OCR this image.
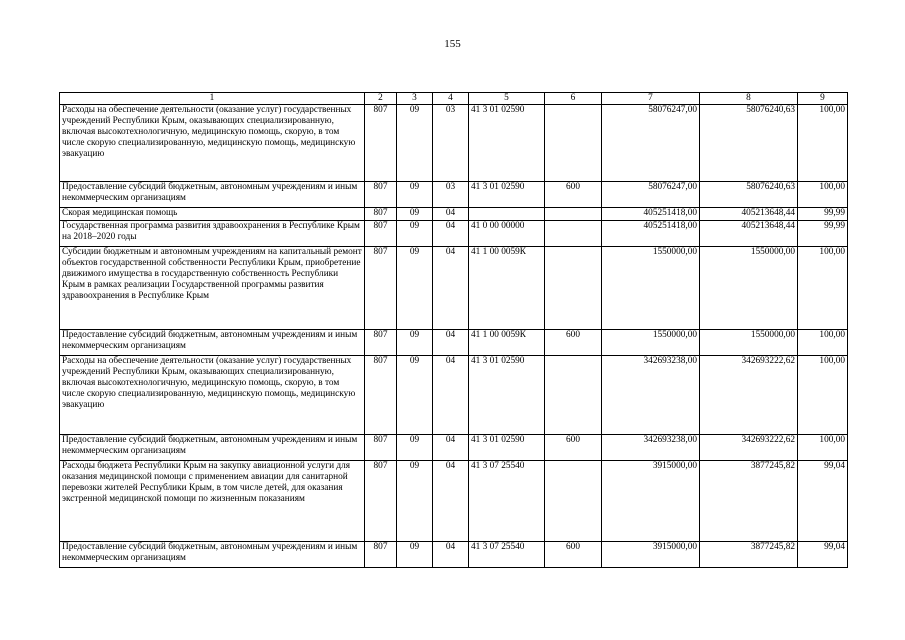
155
1	2	3	4	5	6	7	8	9
Расходы на обеспечение деятельности (оказание услуг) государственных учреждений Республики Крым, оказывающих специализированную, включая высокотехнологичную, медицинскую помощь, скорую, в том числе скорую специализированную, медицинскую помощь, медицинскую эвакуацию	807	09	03	41 3 01 02590		58076247,00	58076240,63	100,00
Предоставление субсидий бюджетным, автономным учреждениям и иным некоммерческим организациям	807	09	03	41 3 01 02590	600	58076247,00	58076240,63	100,00
Скорая медицинская помощь	807	09	04			405251418,00	405213648,44	99,99
Государственная программа развития здравоохранения в Республике Крым на 2018–2020 годы	807	09	04	41 0 00 00000		405251418,00	405213648,44	99,99
Субсидии бюджетным и автономным учреждениям на капитальный ремонт объектов государственной собственности Республики Крым, приобретение движимого имущества в государственную собственность Республики Крым в рамках реализации Государственной программы развития здравоохранения в Республике Крым	807	09	04	41 1 00 0059К		1550000,00	1550000,00	100,00
Предоставление субсидий бюджетным, автономным учреждениям и иным некоммерческим организациям	807	09	04	41 1 00 0059К	600	1550000,00	1550000,00	100,00
Расходы на обеспечение деятельности (оказание услуг) государственных учреждений Республики Крым, оказывающих специализированную, включая высокотехнологичную, медицинскую помощь, скорую, в том числе скорую специализированную, медицинскую помощь, медицинскую эвакуацию	807	09	04	41 3 01 02590		342693238,00	342693222,62	100,00
Предоставление субсидий бюджетным, автономным учреждениям и иным некоммерческим организациям	807	09	04	41 3 01 02590	600	342693238,00	342693222,62	100,00
Расходы бюджета Республики Крым на закупку авиационной услуги для оказания медицинской помощи с применением авиации для санитарной перевозки жителей Республики Крым, в том числе детей, для оказания экстренной медицинской помощи по жизненным показаниям	807	09	04	41 3 07 25540		3915000,00	3877245,82	99,04
Предоставление субсидий бюджетным, автономным учреждениям и иным некоммерческим организациям	807	09	04	41 3 07 25540	600	3915000,00	3877245,82	99,04
